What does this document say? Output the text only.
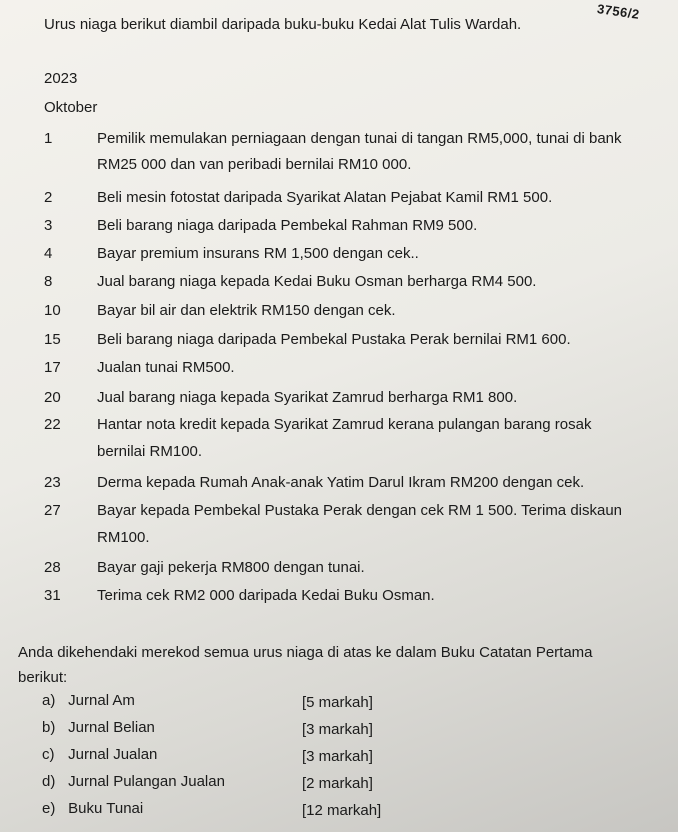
3756/2
Urus niaga berikut diambil daripada buku-buku Kedai Alat Tulis Wardah.
2023
Oktober
1	Pemilik memulakan perniagaan dengan tunai di tangan RM5,000, tunai di bank
RM25 000 dan van peribadi bernilai RM10 000.
2	Beli mesin fotostat daripada Syarikat Alatan Pejabat Kamil RM1 500.
3	Beli barang niaga daripada Pembekal Rahman RM9 500.
4	Bayar premium insurans RM 1,500 dengan cek..
8	Jual barang niaga kepada Kedai Buku Osman berharga RM4 500.
10	Bayar bil air dan elektrik RM150 dengan cek.
15	Beli barang niaga daripada Pembekal Pustaka Perak bernilai RM1 600.
17	Jualan tunai RM500.
20	Jual barang niaga kepada Syarikat Zamrud berharga RM1 800.
22	Hantar nota kredit kepada Syarikat Zamrud kerana pulangan barang rosak
bernilai RM100.
23	Derma kepada Rumah Anak-anak Yatim Darul Ikram RM200 dengan cek.
27	Bayar kepada Pembekal Pustaka Perak dengan cek RM 1 500. Terima diskaun
RM100.
28	Bayar gaji pekerja RM800 dengan tunai.
31	Terima cek RM2 000 daripada Kedai Buku Osman.
Anda dikehendaki merekod semua urus niaga di atas ke dalam Buku Catatan Pertama
berikut:
a) Jurnal Am	[5 markah]
b) Jurnal Belian	[3 markah]
c) Jurnal Jualan	[3 markah]
d) Jurnal Pulangan Jualan	[2 markah]
e) Buku Tunai	[12 markah]
